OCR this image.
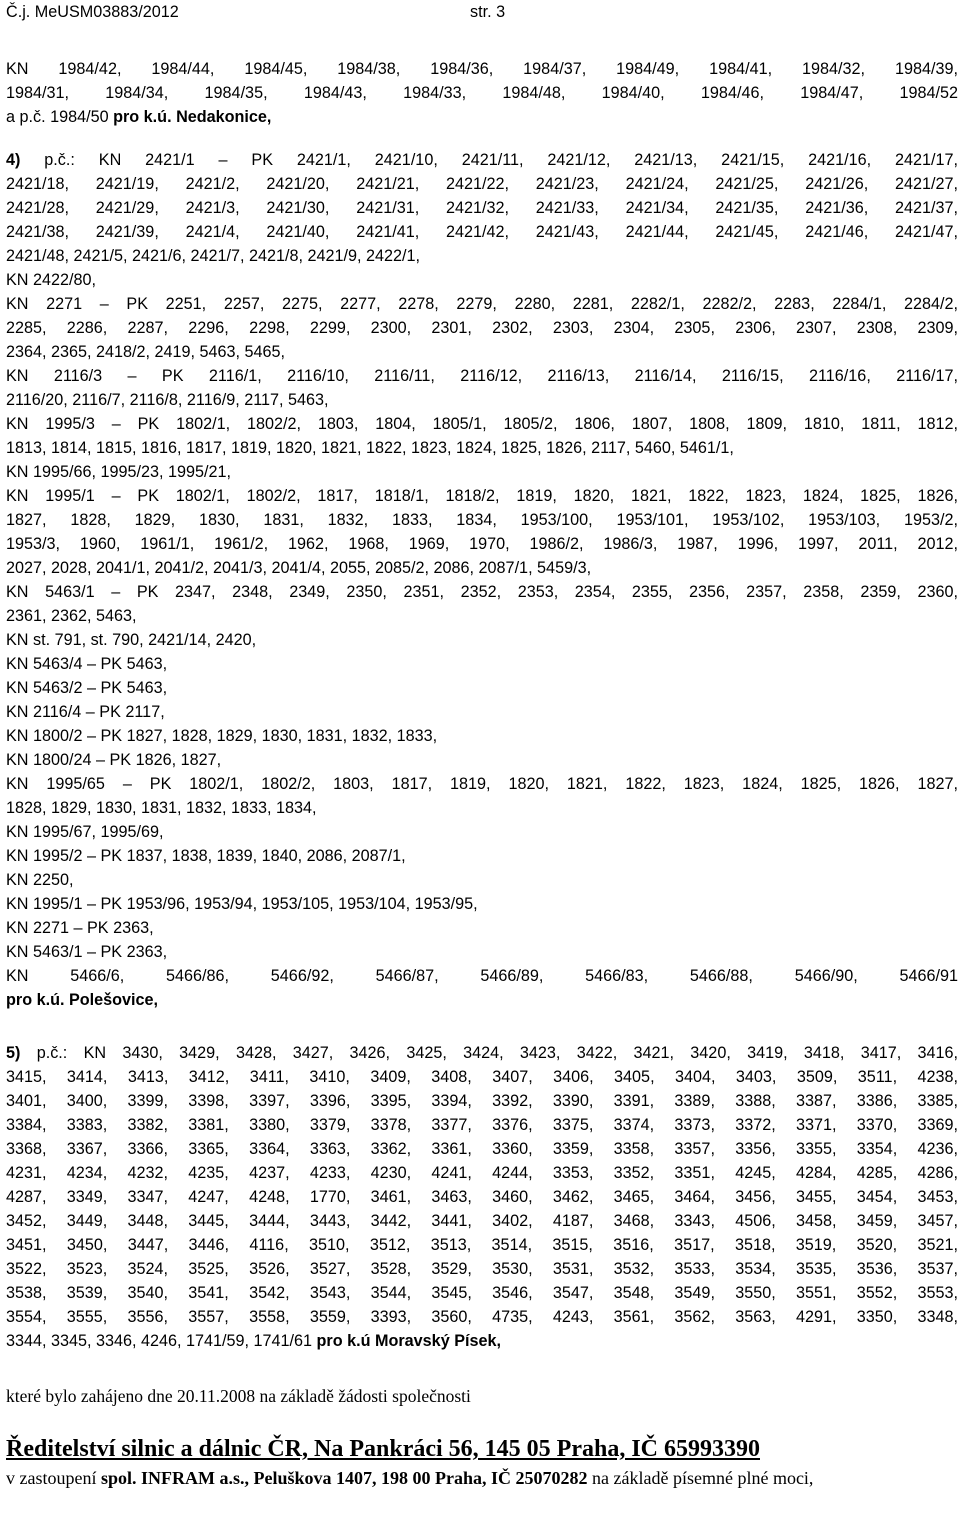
Č.j. MeUSM03883/2012	str. 3
KN 1984/42, 1984/44, 1984/45, 1984/38, 1984/36, 1984/37, 1984/49, 1984/41, 1984/32, 1984/39,
1984/31, 1984/34, 1984/35, 1984/43, 1984/33, 1984/48, 1984/40, 1984/46, 1984/47, 1984/52
a p.č. 1984/50 pro k.ú. Nedakonice,
4) p.č.: KN 2421/1 – PK 2421/1, 2421/10, 2421/11, 2421/12, 2421/13, 2421/15, 2421/16, 2421/17,
2421/18, 2421/19, 2421/2, 2421/20, 2421/21, 2421/22, 2421/23, 2421/24, 2421/25, 2421/26, 2421/27,
2421/28, 2421/29, 2421/3, 2421/30, 2421/31, 2421/32, 2421/33, 2421/34, 2421/35, 2421/36, 2421/37,
2421/38, 2421/39, 2421/4, 2421/40, 2421/41, 2421/42, 2421/43, 2421/44, 2421/45, 2421/46, 2421/47,
2421/48, 2421/5, 2421/6, 2421/7, 2421/8, 2421/9, 2422/1,
KN 2422/80,
KN 2271 – PK 2251, 2257, 2275, 2277, 2278, 2279, 2280, 2281, 2282/1, 2282/2, 2283, 2284/1, 2284/2,
2285, 2286, 2287, 2296, 2298, 2299, 2300, 2301, 2302, 2303, 2304, 2305, 2306, 2307, 2308, 2309,
2364, 2365, 2418/2, 2419, 5463, 5465,
KN 2116/3 – PK 2116/1, 2116/10, 2116/11, 2116/12, 2116/13, 2116/14, 2116/15, 2116/16, 2116/17,
2116/20, 2116/7, 2116/8, 2116/9, 2117, 5463,
KN 1995/3 – PK 1802/1, 1802/2, 1803, 1804, 1805/1, 1805/2, 1806, 1807, 1808, 1809, 1810, 1811, 1812,
1813, 1814, 1815, 1816, 1817, 1819, 1820, 1821, 1822, 1823, 1824, 1825, 1826, 2117, 5460, 5461/1,
KN 1995/66, 1995/23, 1995/21,
KN 1995/1 – PK 1802/1, 1802/2, 1817, 1818/1, 1818/2, 1819, 1820, 1821, 1822, 1823, 1824, 1825, 1826,
1827, 1828, 1829, 1830, 1831, 1832, 1833, 1834, 1953/100, 1953/101, 1953/102, 1953/103, 1953/2,
1953/3, 1960, 1961/1, 1961/2, 1962, 1968, 1969, 1970, 1986/2, 1986/3, 1987, 1996, 1997, 2011, 2012,
2027, 2028, 2041/1, 2041/2, 2041/3, 2041/4, 2055, 2085/2, 2086, 2087/1, 5459/3,
KN 5463/1 – PK 2347, 2348, 2349, 2350, 2351, 2352, 2353, 2354, 2355, 2356, 2357, 2358, 2359, 2360,
2361, 2362, 5463,
KN st. 791, st. 790, 2421/14, 2420,
KN 5463/4 – PK 5463,
KN 5463/2 – PK 5463,
KN 2116/4 – PK 2117,
KN 1800/2 – PK 1827, 1828, 1829, 1830, 1831, 1832, 1833,
KN 1800/24 – PK 1826, 1827,
KN 1995/65 – PK 1802/1, 1802/2, 1803, 1817, 1819, 1820, 1821, 1822, 1823, 1824, 1825, 1826, 1827,
1828, 1829, 1830, 1831, 1832, 1833, 1834,
KN 1995/67, 1995/69,
KN 1995/2 – PK 1837, 1838, 1839, 1840, 2086, 2087/1,
KN 2250,
KN 1995/1 – PK 1953/96, 1953/94, 1953/105, 1953/104, 1953/95,
KN 2271 – PK 2363,
KN 5463/1 – PK 2363,
KN 5466/6, 5466/86, 5466/92, 5466/87, 5466/89, 5466/83, 5466/88, 5466/90, 5466/91
pro k.ú. Polešovice,
5) p.č.: KN 3430, 3429, 3428, 3427, 3426, 3425, 3424, 3423, 3422, 3421, 3420, 3419, 3418, 3417, 3416,
3415, 3414, 3413, 3412, 3411, 3410, 3409, 3408, 3407, 3406, 3405, 3404, 3403, 3509, 3511, 4238,
3401, 3400, 3399, 3398, 3397, 3396, 3395, 3394, 3392, 3390, 3391, 3389, 3388, 3387, 3386, 3385,
3384, 3383, 3382, 3381, 3380, 3379, 3378, 3377, 3376, 3375, 3374, 3373, 3372, 3371, 3370, 3369,
3368, 3367, 3366, 3365, 3364, 3363, 3362, 3361, 3360, 3359, 3358, 3357, 3356, 3355, 3354, 4236,
4231, 4234, 4232, 4235, 4237, 4233, 4230, 4241, 4244, 3353, 3352, 3351, 4245, 4284, 4285, 4286,
4287, 3349, 3347, 4247, 4248, 1770, 3461, 3463, 3460, 3462, 3465, 3464, 3456, 3455, 3454, 3453,
3452, 3449, 3448, 3445, 3444, 3443, 3442, 3441, 3402, 4187, 3468, 3343, 4506, 3458, 3459, 3457,
3451, 3450, 3447, 3446, 4116, 3510, 3512, 3513, 3514, 3515, 3516, 3517, 3518, 3519, 3520, 3521,
3522, 3523, 3524, 3525, 3526, 3527, 3528, 3529, 3530, 3531, 3532, 3533, 3534, 3535, 3536, 3537,
3538, 3539, 3540, 3541, 3542, 3543, 3544, 3545, 3546, 3547, 3548, 3549, 3550, 3551, 3552, 3553,
3554, 3555, 3556, 3557, 3558, 3559, 3393, 3560, 4735, 4243, 3561, 3562, 3563, 4291, 3350, 3348,
3344, 3345, 3346, 4246, 1741/59, 1741/61 pro k.ú Moravský Písek,
které bylo zahájeno dne 20.11.2008 na základě žádosti společnosti
Ředitelství silnic a dálnic ČR, Na Pankráci 56, 145 05 Praha, IČ 65993390
v zastoupení spol. INFRAM a.s., Peluškova 1407, 198 00 Praha, IČ 25070282 na základě písemné plné moci,
